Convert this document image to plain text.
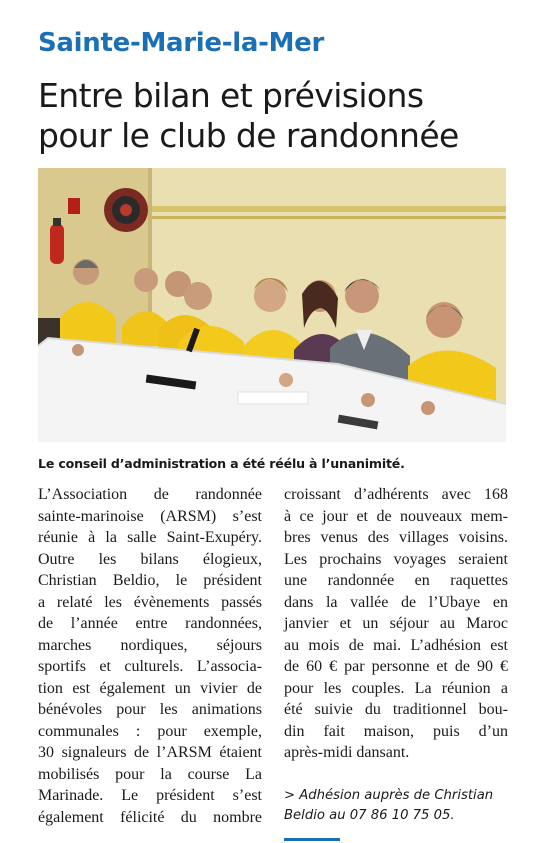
Sainte-Marie-la-Mer
Entre bilan et prévisions
pour le club de randonnée
Le conseil d’administration a été réélu à l’unanimité.
L’Association de randonnée
sainte-marinoise (ARSM) s’est
réunie à la salle Saint-Exupéry.
Outre les bilans élogieux,
Christian Beldio, le président
a relaté les évènements passés
de l’année entre randonnées,
marches nordiques, séjours
sportifs et culturels. L’associa-
tion est également un vivier de
bénévoles pour les animations
communales : pour exemple,
30 signaleurs de l’ARSM étaient
mobilisés pour la course La
Marinade. Le président s’est
également félicité du nombre
croissant d’adhérents avec 168
à ce jour et de nouveaux mem-
bres venus des villages voisins.
Les prochains voyages seraient
une randonnée en raquettes
dans la vallée de l’Ubaye en
janvier et un séjour au Maroc
au mois de mai. L’adhésion est
de 60 € par personne et de 90 €
pour les couples. La réunion a
été suivie du traditionnel bou-
din fait maison, puis d’un
après-midi dansant.
> Adhésion auprès de Christian
Beldio au 07 86 10 75 05.
